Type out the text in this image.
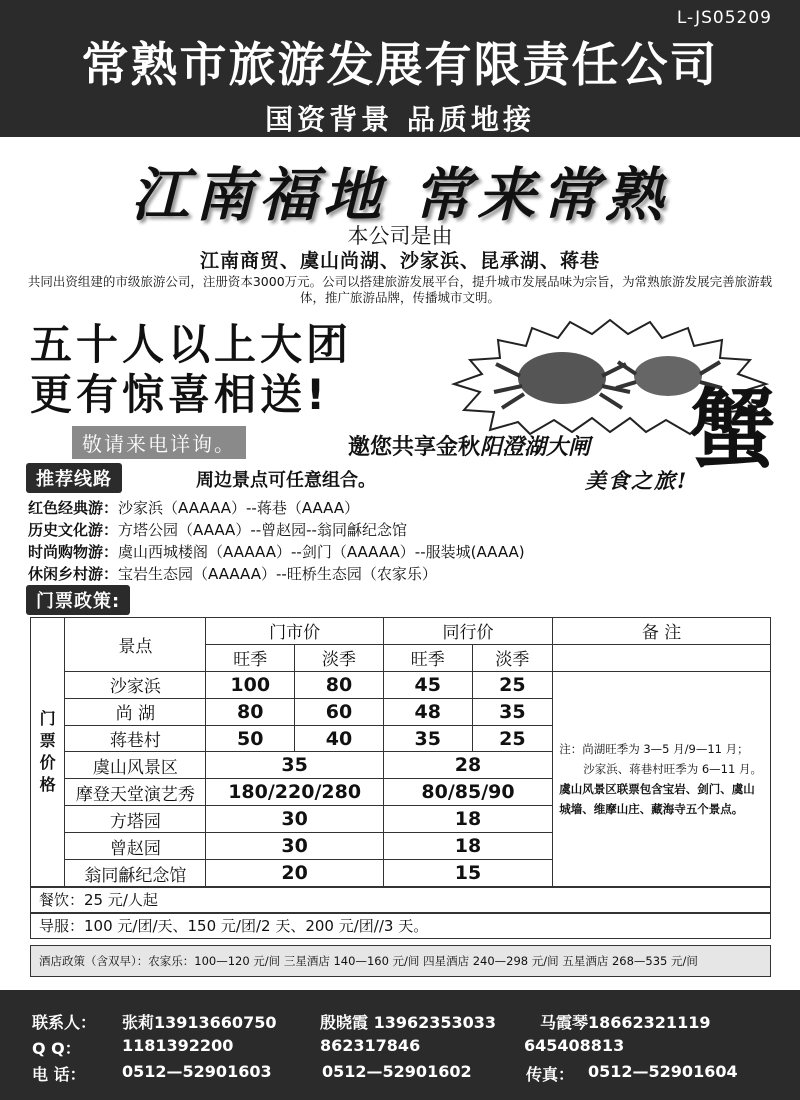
L-JS05209
常熟市旅游发展有限责任公司
国资背景 品质地接
江南福地 常来常熟
本公司是由
江南商贸、虞山尚湖、沙家浜、昆承湖、蒋巷
共同出资组建的市级旅游公司，注册资本3000万元。公司以搭建旅游发展平台，提升城市发展品味为宗旨，为常熟旅游发展完善旅游载体，推广旅游品牌，传播城市文明。
五十人以上大团
更有惊喜相送!
敬请来电详询。	蟹
邀您共享金秋阳澄湖大闸
美食之旅!
推荐线路	周边景点可任意组合。
红色经典游：沙家浜（AAAAA）--蒋巷（AAAA）
历史文化游：方塔公园（AAAA）--曾赵园--翁同龢纪念馆
时尚购物游：虞山西城楼阁（AAAAA）--剑门（AAAAA）--服装城(AAAA)
休闲乡村游：宝岩生态园（AAAAA）--旺桥生态园（农家乐）
门票政策:
门票价格	景点	门市价		同行价		备 注
		旺季	淡季	旺季	淡季	
	沙家浜	100	80	45	25	注：尚湖旺季为 3—5 月/9—11 月；
沙家浜、蒋巷村旺季为 6—11 月。
虞山风景区联票包含宝岩、剑门、虞山城墙、维摩山庄、藏海寺五个景点。

	尚 湖	80	60	48	35	
	蒋巷村	50	40	35	25	
	虞山风景区	35		28		
	摩登天堂演艺秀	180/220/280		80/85/90		
	方塔园	30		18		
	曾赵园	30		18		
	翁同龢纪念馆	20		15		
餐饮：25 元/人起
导服：100 元/团/天、150 元/团/2 天、200 元/团//3 天。
酒店政策（含双早）：农家乐：100—120 元/间 三星酒店 140—160 元/间 四星酒店 240—298 元/间 五星酒店 268—535 元/间
联系人： 张莉13913660750	殷晓霞 13962353033	马霞琴18662321119
Q Q：	1181392200	862317846	645408813
电 话： 0512—52901603	0512—52901602	传真： 0512—52901604
